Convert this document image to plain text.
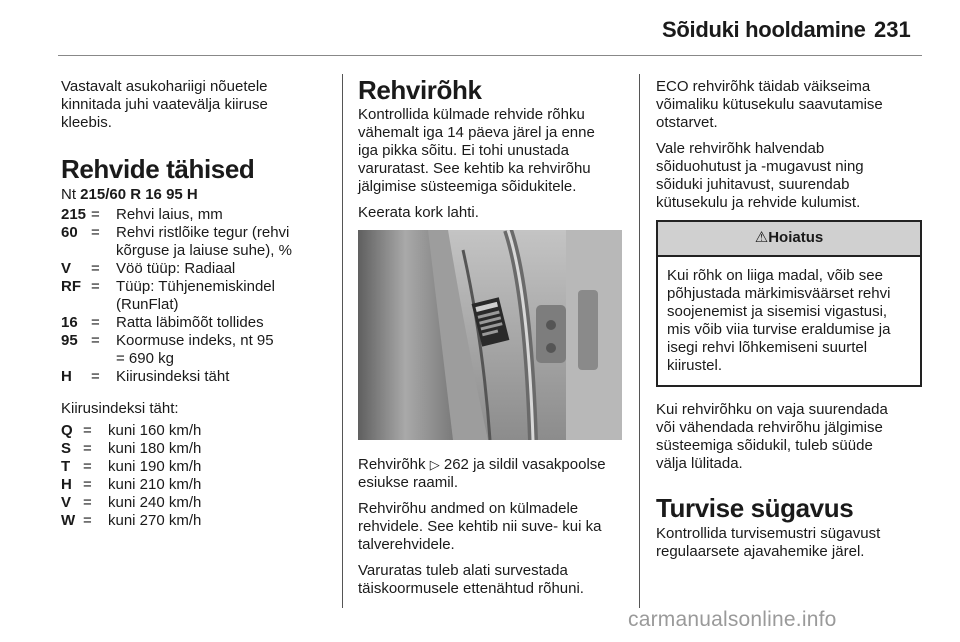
Sõiduki hooldamine 231

Vastavalt asukohariigi nõuetele
kinnitada juhi vaatevälja kiiruse
kleebis.

Rehvide tähised
Nt 215/60 R 16 95 H
215 =	Rehvi laius, mm
60 =	Rehvi ristlõike tegur (rehvi
kõrguse ja laiuse suhe), %
V	=	Vöö tüüp: Radiaal
RF =	Tüüp: Tühjenemiskindel
(RunFlat)
16 =	Ratta läbimõõt tollides
95 =	Koormuse indeks, nt 95
= 690 kg
H	=	Kiirusindeksi täht

Kiirusindeksi täht:

Q =	kuni 160 km/h
S =	kuni 180 km/h
T =	kuni 190 km/h
H =	kuni 210 km/h
V =	kuni 240 km/h
W =	kuni 270 km/h
Rehvirõhk

Kontrollida külmade rehvide rõhku
vähemalt iga 14 päeva järel ja enne
iga pikka sõitu. Ei tohi unustada
varuratast. See kehtib ka rehvirõhu
jälgimise süsteemiga sõidukitele.

Keerata kork lahti.

Rehvirõhk ▷ 262 ja sildil vasakpoolse
esiukse raamil.

Rehvirõhu andmed on külmadele
rehvidele. See kehtib nii suve- kui ka
talverehvidele.

Varuratas tuleb alati survestada
täiskoormusele ettenähtud rõhuni.

ECO rehvirõhk täidab väikseima
võimaliku kütusekulu saavutamise
otstarvet.

Vale rehvirõhk halvendab
sõiduohutust ja -mugavust ning
sõiduki juhitavust, suurendab
kütusekulu ja rehvide kulumist.

⚠Hoiatus
Kui rõhk on liiga madal, võib see
põhjustada märkimisväärset rehvi
soojenemist ja sisemisi vigastusi,
mis võib viia turvise eraldumise ja
isegi rehvi lõhkemiseni suurtel
kiirustel.

Kui rehvirõhku on vaja suurendada
või vähendada rehvirõhu jälgimise
süsteemiga sõidukil, tuleb süüde
välja lülitada.

Turvise sügavus

Kontrollida turvisemustri sügavust
regulaarsete ajavahemike järel.

carmanualsonline.info
